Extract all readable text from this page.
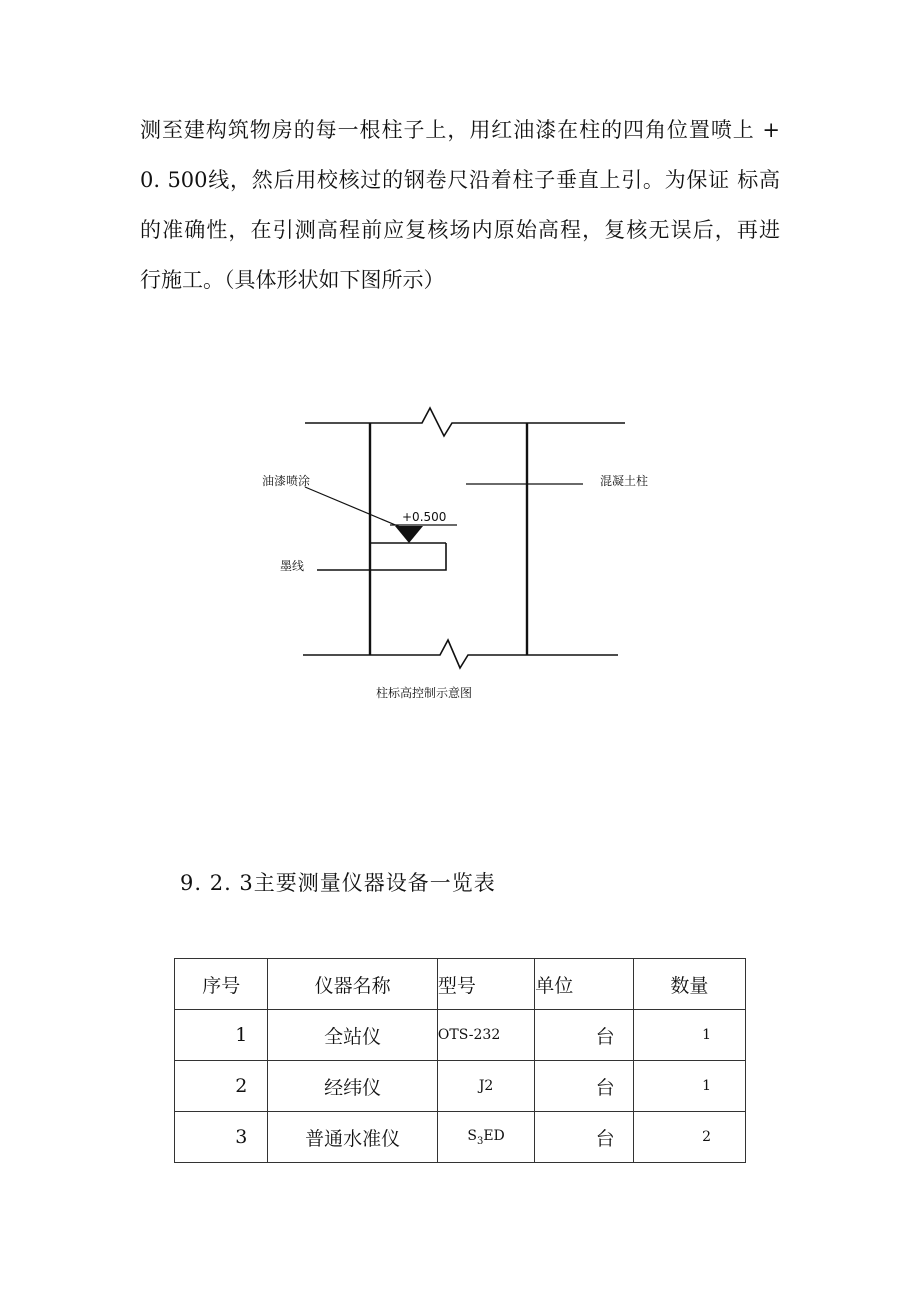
测至建构筑物房的每一根柱子上，用红油漆在柱的四角位置喷上 +
0. 500线，然后用校核过的钢卷尺沿着柱子垂直上引。为保证 标高
的准确性，在引测高程前应复核场内原始高程，复核无误后，再进
行施工。（具体形状如下图所示）
油漆喷涂
+0.500
墨线
混凝土柱
柱标高控制示意图
9. 2. 3主要测量仪器设备一览表
序号	仪器名称	型号	单位	数量
1	全站仪	OTS-232	台	1
2	经纬仪	J2	台	1
3	普通水准仪	$S_3ED$	台	2
